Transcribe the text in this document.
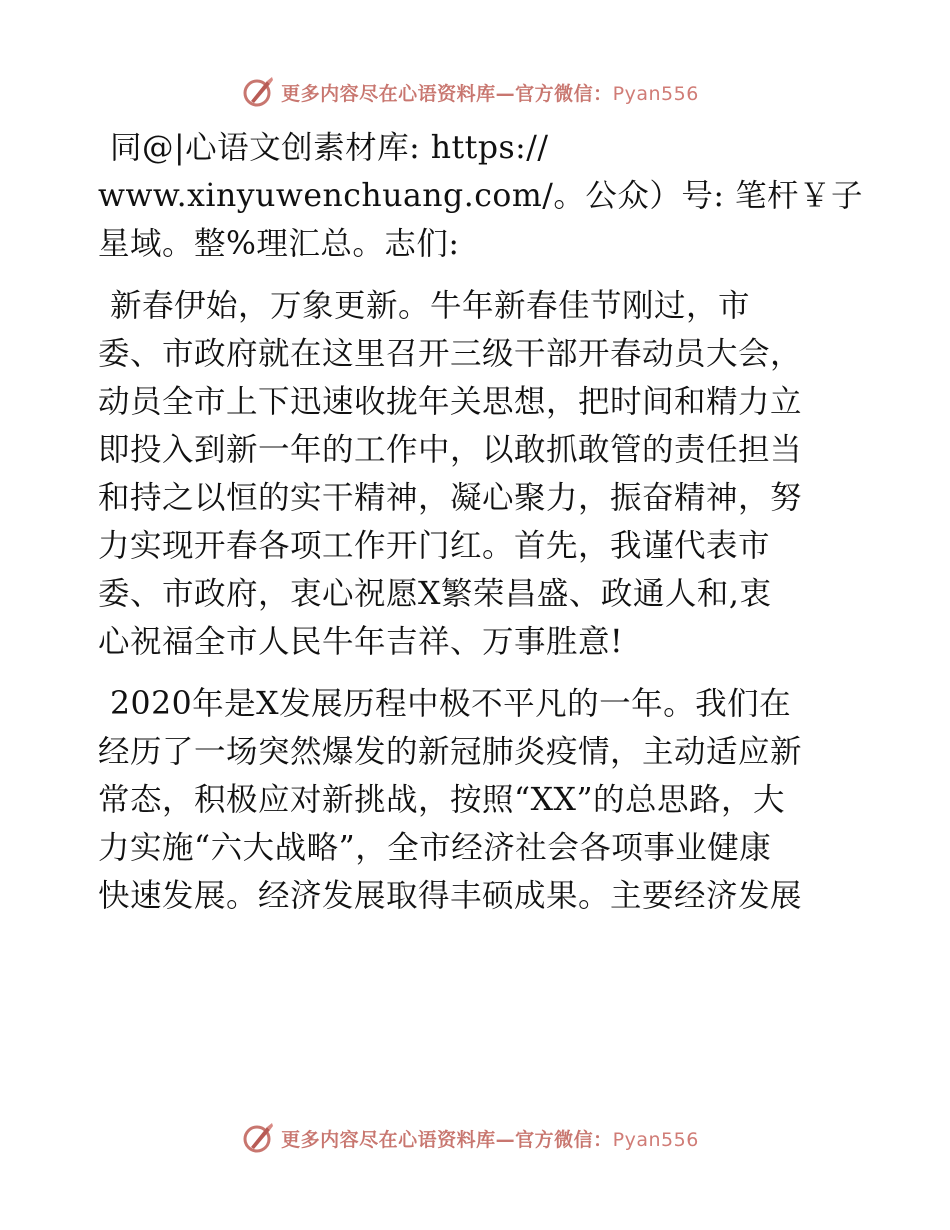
更多内容尽在心语资料库—官方微信：Pyan556

同@|心语文创素材库: https://
www.xinyuwenchuang.com/。公众）号: 笔杆￥子
星域。整%理汇总。志们:

新春伊始，万象更新。牛年新春佳节刚过，市
委、市政府就在这里召开三级干部开春动员大会，
动员全市上下迅速收拢年关思想，把时间和精力立
即投入到新一年的工作中，以敢抓敢管的责任担当
和持之以恒的实干精神，凝心聚力，振奋精神，努
力实现开春各项工作开门红。首先，我谨代表市
委、市政府，衷心祝愿X繁荣昌盛、政通人和,衷
心祝福全市人民牛年吉祥、万事胜意!

2020年是X发展历程中极不平凡的一年。我们在
经历了一场突然爆发的新冠肺炎疫情，主动适应新
常态，积极应对新挑战，按照“XX”的总思路，大
力实施“六大战略”，全市经济社会各项事业健康
快速发展。经济发展取得丰硕成果。主要经济发展

更多内容尽在心语资料库—官方微信：Pyan556
